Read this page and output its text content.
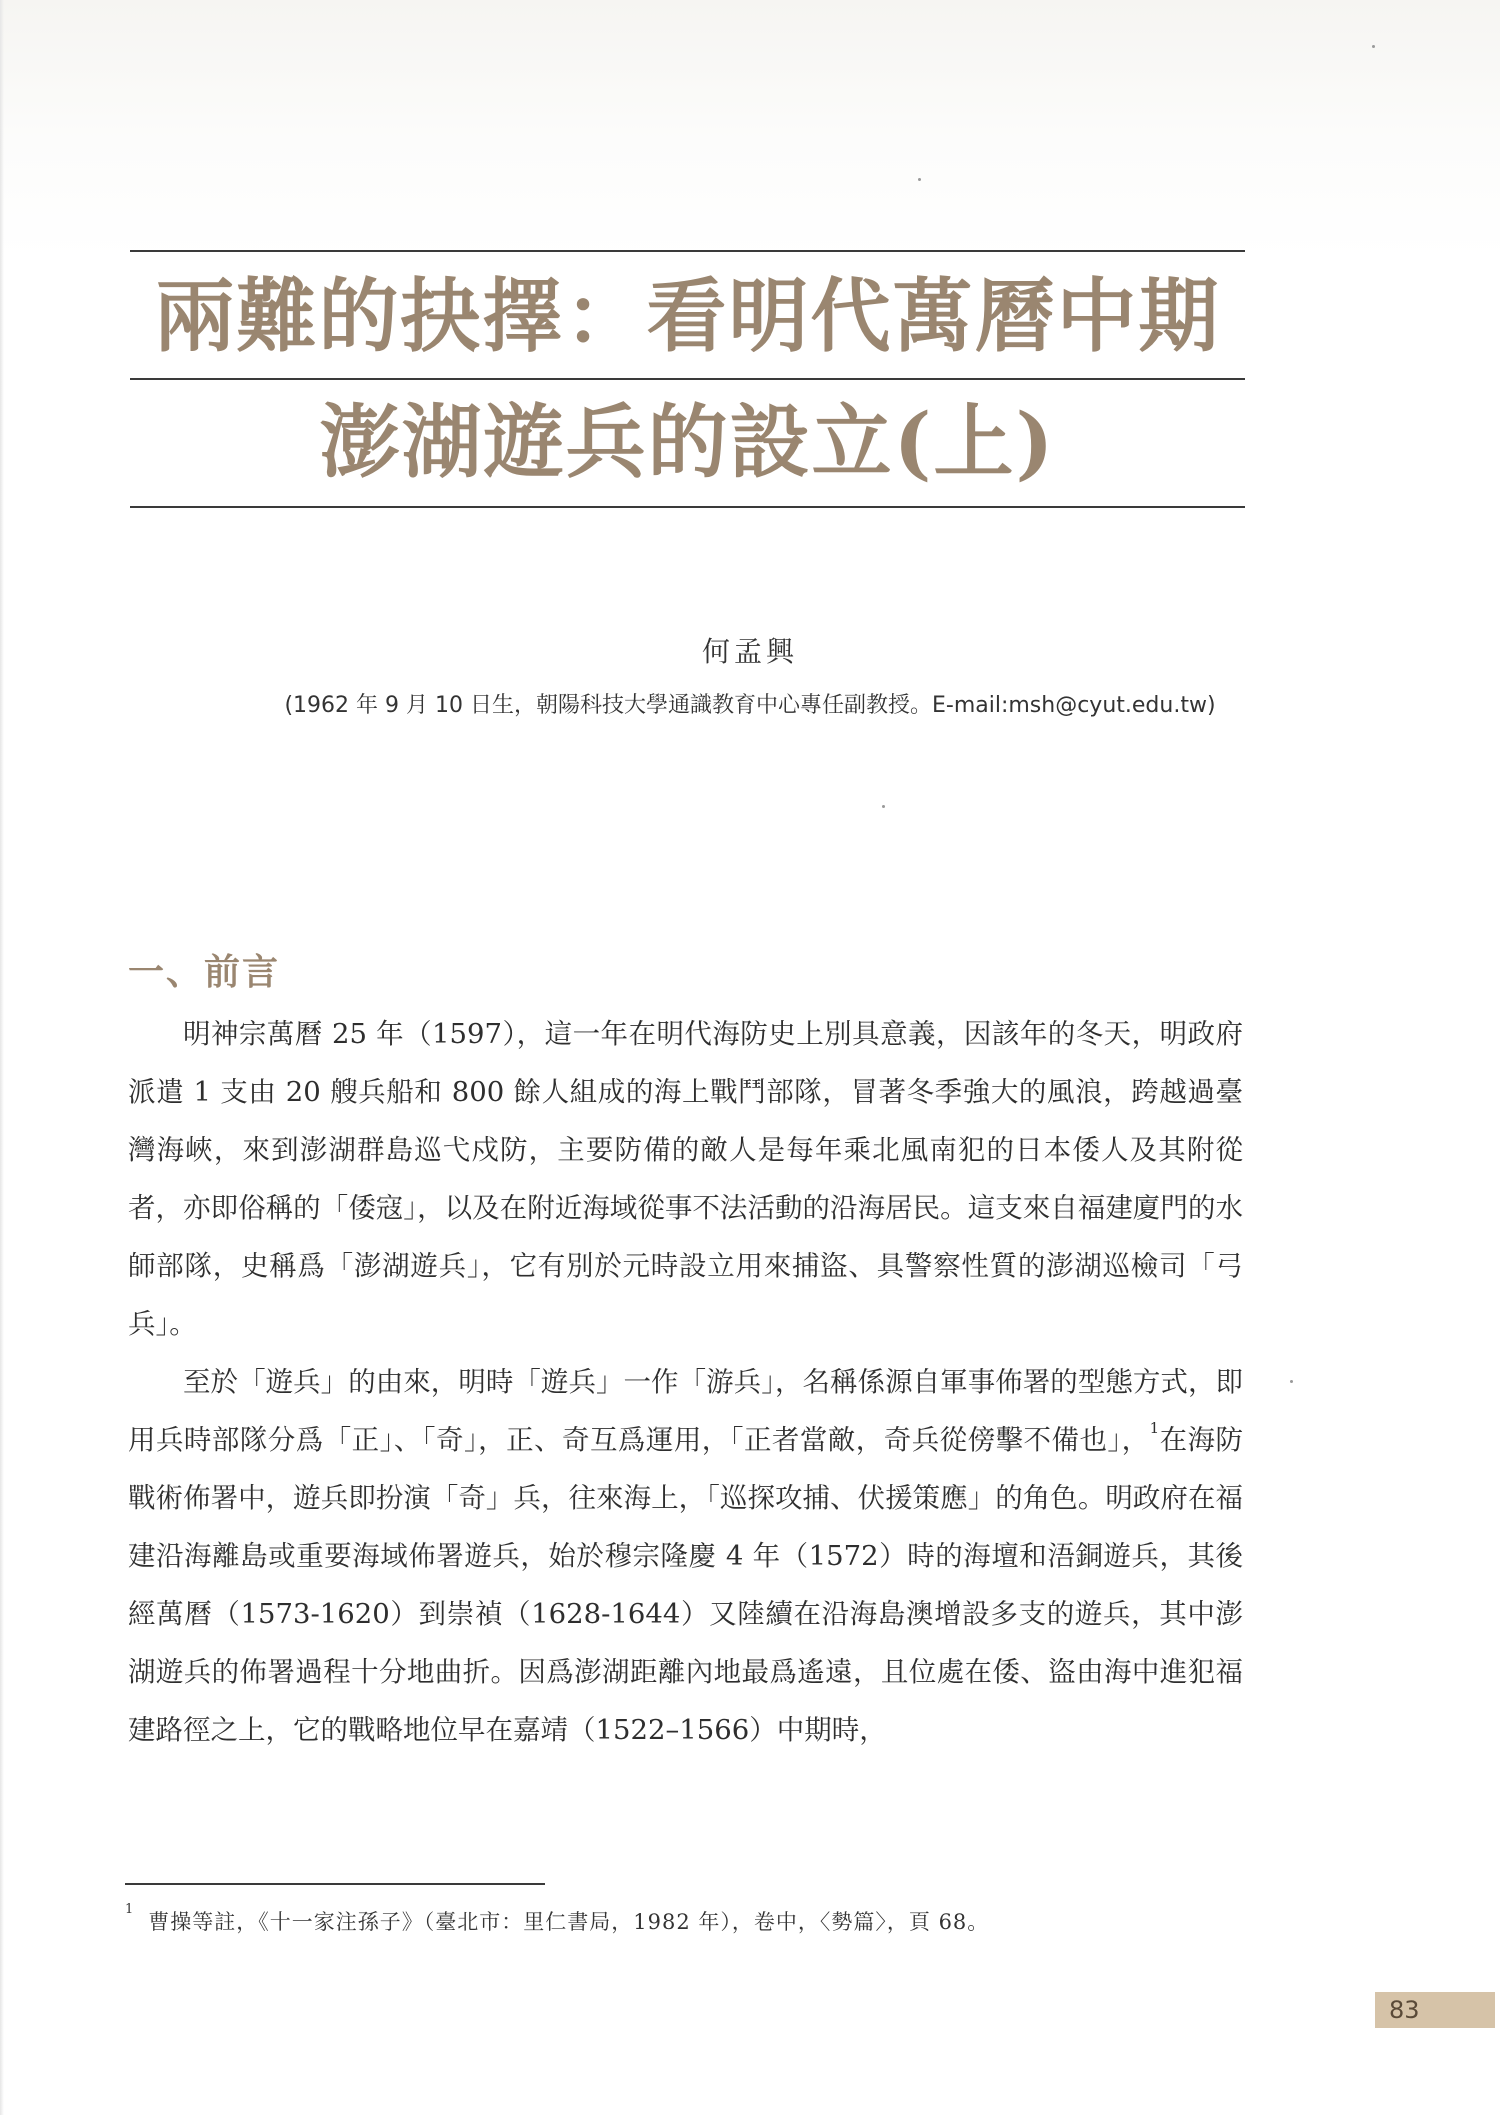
兩難的抉擇：看明代萬曆中期
澎湖遊兵的設立(上)
何孟興
(1962 年 9 月 10 日生，朝陽科技大學通識教育中心專任副教授。E-mail:msh@cyut.edu.tw)
一、前言

明神宗萬曆 25 年（1597），這一年在明代海防史上別具意義，因該年的冬天，明政府派遣 1 支由 20 艘兵船和 800 餘人組成的海上戰鬥部隊，冒著冬季強大的風浪，跨越過臺灣海峽，來到澎湖群島巡弋戍防，主要防備的敵人是每年乘北風南犯的日本倭人及其附從者，亦即俗稱的「倭寇」，以及在附近海域從事不法活動的沿海居民。這支來自福建廈門的水師部隊，史稱爲「澎湖遊兵」，它有別於元時設立用來捕盜、具警察性質的澎湖巡檢司「弓兵」。

至於「遊兵」的由來，明時「遊兵」一作「游兵」，名稱係源自軍事佈署的型態方式，即用兵時部隊分爲「正」、「奇」，正、奇互爲運用，「正者當敵，奇兵從傍擊不備也」，$^1$在海防戰術佈署中，遊兵即扮演「奇」兵，往來海上，「巡探攻捕、伏援策應」的角色。明政府在福建沿海離島或重要海域佈署遊兵，始於穆宗隆慶 4 年（1572）時的海壇和浯銅遊兵，其後經萬曆（1573-1620）到崇禎（1628-1644）又陸續在沿海島澳增設多支的遊兵，其中澎湖遊兵的佈署過程十分地曲折。因爲澎湖距離內地最爲遙遠，且位處在倭、盜由海中進犯福建路徑之上，它的戰略地位早在嘉靖（1522–1566）中期時，

$^1$曹操等註，《十一家注孫子》（臺北市：里仁書局，1982 年），卷中，〈勢篇〉，頁 68。
83
